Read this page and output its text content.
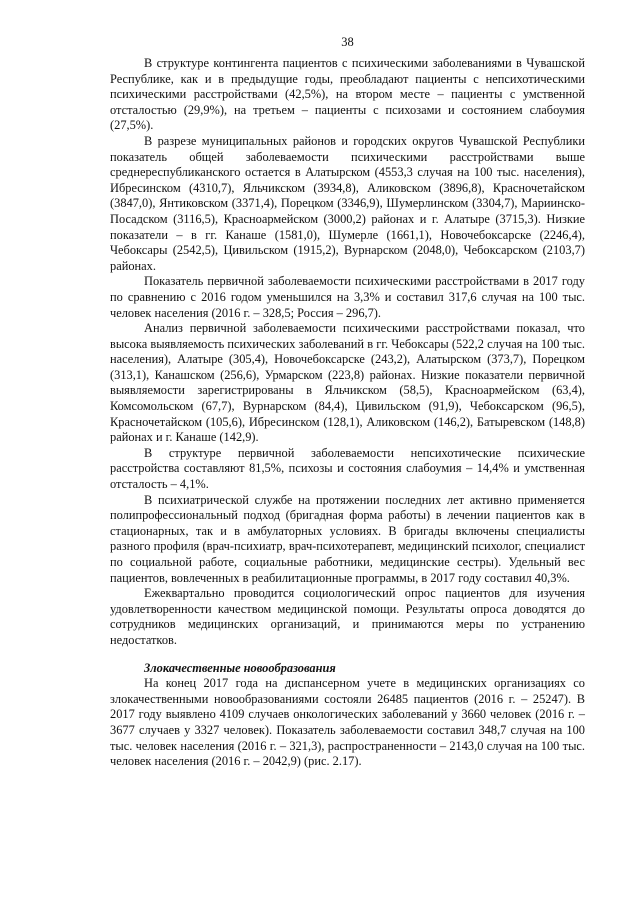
38

В структуре контингента пациентов с психическими заболеваниями в Чувашской Республике, как и в предыдущие годы, преобладают пациенты с непсихотическими психическими расстройствами (42,5%), на втором месте – пациенты с умственной отсталостью (29,9%), на третьем – пациенты с психозами и состоянием слабоумия (27,5%).

В разрезе муниципальных районов и городских округов Чувашской Республики показатель общей заболеваемости психическими расстройствами выше среднереспубликанского остается в Алатырском (4553,3 случая на 100 тыс. населения), Ибресинском (4310,7), Яльчикском (3934,8), Аликовском (3896,8), Красночетайском (3847,0), Янтиковском (3371,4), Порецком (3346,9), Шумерлинском (3304,7), Мариинско-Посадском (3116,5), Красноармейском (3000,2) районах и г. Алатыре (3715,3). Низкие показатели – в гг. Канаше (1581,0), Шумерле (1661,1), Новочебоксарске (2246,4), Чебоксары (2542,5), Цивильском (1915,2), Вурнарском (2048,0), Чебоксарском (2103,7) районах.

Показатель первичной заболеваемости психическими расстройствами в 2017 году по сравнению с 2016 годом уменьшился на 3,3% и составил 317,6 случая на 100 тыс. человек населения (2016 г. – 328,5; Россия – 296,7).

Анализ первичной заболеваемости психическими расстройствами показал, что высока выявляемость психических заболеваний в гг. Чебоксары (522,2 случая на 100 тыс. населения), Алатыре (305,4), Новочебоксарске (243,2), Алатырском (373,7), Порецком (313,1), Канашском (256,6), Урмарском (223,8) районах. Низкие показатели первичной выявляемости зарегистрированы в Яльчикском (58,5), Красноармейском (63,4), Комсомольском (67,7), Вурнарском (84,4), Цивильском (91,9), Чебоксарском (96,5), Красночетайском (105,6), Ибресинском (128,1), Аликовском (146,2), Батыревском (148,8) районах и г. Канаше (142,9).

В структуре первичной заболеваемости непсихотические психические расстройства составляют 81,5%, психозы и состояния слабоумия – 14,4% и умственная отсталость – 4,1%.

В психиатрической службе на протяжении последних лет активно применяется полипрофессиональный подход (бригадная форма работы) в лечении пациентов как в стационарных, так и в амбулаторных условиях. В бригады включены специалисты разного профиля (врач-психиатр, врач-психотерапевт, медицинский психолог, специалист по социальной работе, социальные работники, медицинские сестры). Удельный вес пациентов, вовлеченных в реабилитационные программы, в 2017 году составил 40,3%.

Ежеквартально проводится социологический опрос пациентов для изучения удовлетворенности качеством медицинской помощи. Результаты опроса доводятся до сотрудников медицинских организаций, и принимаются меры по устранению недостатков.

Злокачественные новообразования

На конец 2017 года на диспансерном учете в медицинских организациях со злокачественными новообразованиями состояли 26485 пациентов (2016 г. – 25247). В 2017 году выявлено 4109 случаев онкологических заболеваний у 3660 человек (2016 г. – 3677 случаев у 3327 человек). Показатель заболеваемости составил 348,7 случая на 100 тыс. человек населения (2016 г. – 321,3), распространенности – 2143,0 случая на 100 тыс. человек населения (2016 г. – 2042,9) (рис. 2.17).
